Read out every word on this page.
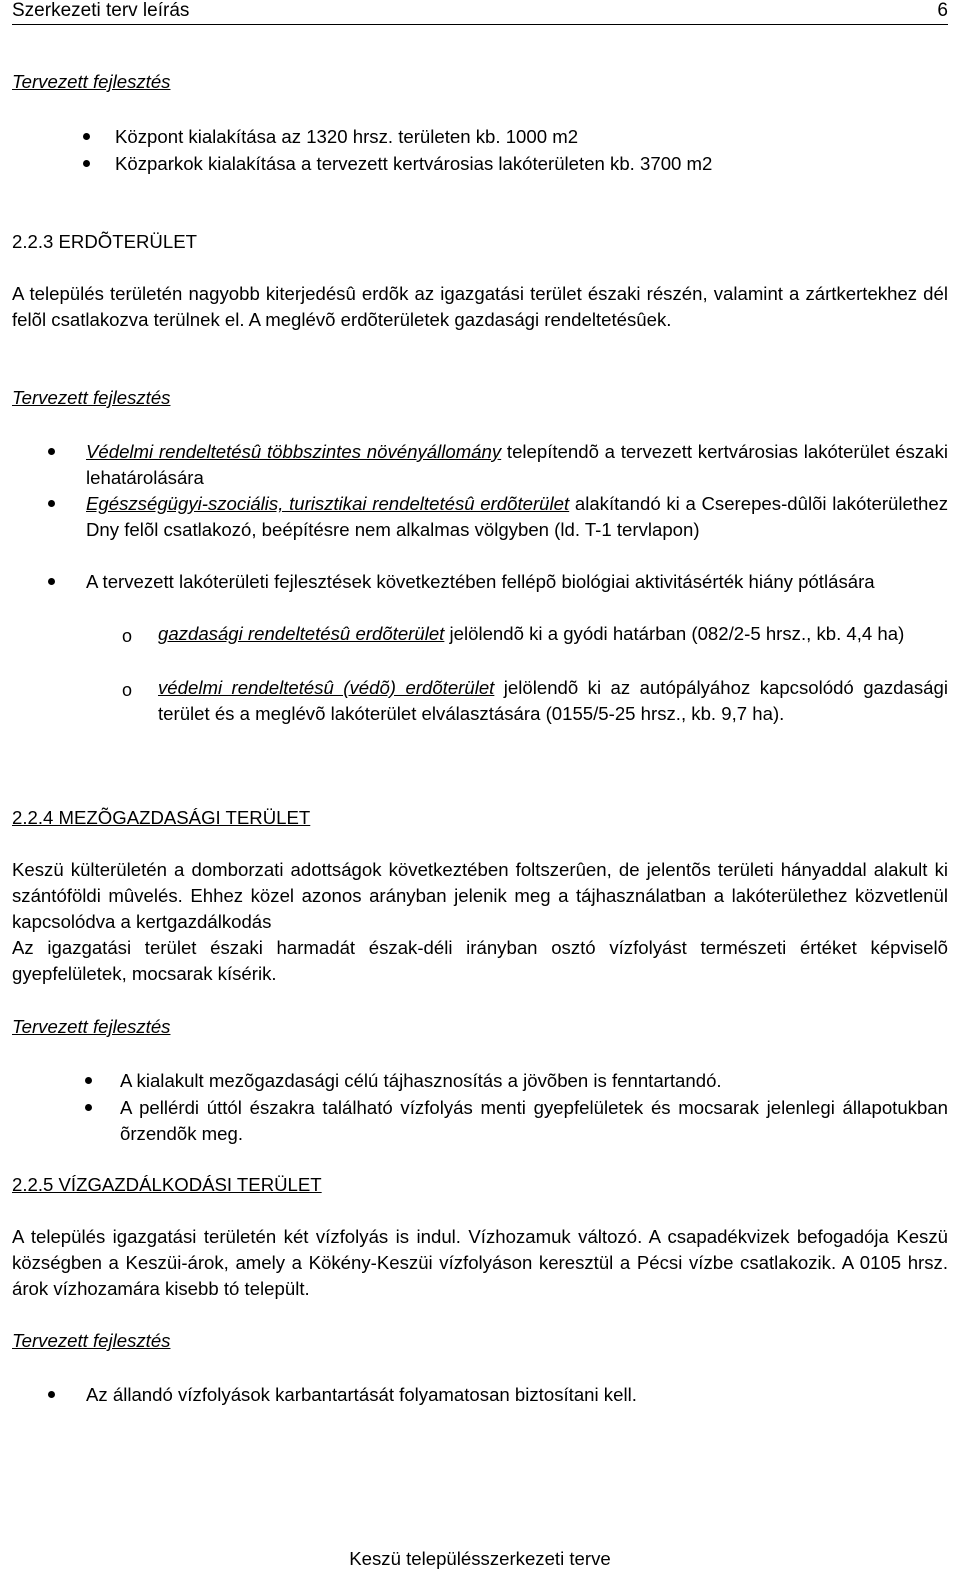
Szerkezeti terv leírás	6
Tervezett fejlesztés
Központ kialakítása az 1320 hrsz. területen kb. 1000 m2
Közparkok kialakítása a tervezett kertvárosias lakóterületen kb. 3700 m2
2.2.3 ERDÕTERÜLET
A település területén nagyobb kiterjedésû erdõk az igazgatási terület északi részén, valamint a zártkertekhez dél felõl csatlakozva terülnek el. A meglévõ erdõterületek gazdasági rendeltetésûek.
Tervezett fejlesztés
Védelmi rendeltetésû többszintes növényállomány telepítendõ a tervezett kertvárosias lakóterület északi lehatárolására
Egészségügyi-szociális, turisztikai rendeltetésû erdõterület alakítandó ki a Cserepes-dûlõi lakóterülethez Dny felõl csatlakozó, beépítésre nem alkalmas völgyben (ld. T-1 tervlapon)
A tervezett lakóterületi fejlesztések következtében fellépõ biológiai aktivitásérték hiány pótlására
o gazdasági rendeltetésû erdõterület jelölendõ ki a gyódi határban (082/2-5 hrsz., kb. 4,4 ha)
o védelmi rendeltetésû (védõ) erdõterület jelölendõ ki az autópályához kapcsolódó gazdasági terület és a meglévõ lakóterület elválasztására (0155/5-25 hrsz., kb. 9,7 ha).
2.2.4 MEZÕGAZDASÁGI TERÜLET
Keszü külterületén a domborzati adottságok következtében foltszerûen, de jelentõs területi hányaddal alakult ki szántóföldi mûvelés. Ehhez közel azonos arányban jelenik meg a tájhasználatban a lakóterülethez közvetlenül kapcsolódva a kertgazdálkodás
Az igazgatási terület északi harmadát észak-déli irányban osztó vízfolyást természeti értéket képviselõ gyepfelületek, mocsarak kísérik.
Tervezett fejlesztés
A kialakult mezõgazdasági célú tájhasznosítás a jövõben is fenntartandó.
A pellérdi úttól északra található vízfolyás menti gyepfelületek és mocsarak jelenlegi állapotukban õrzendõk meg.
2.2.5 VÍZGAZDÁLKODÁSI TERÜLET
A település igazgatási területén két vízfolyás is indul. Vízhozamuk változó. A csapadékvizek befogadója Keszü községben a Keszüi-árok, amely a Kökény-Keszüi vízfolyáson keresztül a Pécsi vízbe csatlakozik. A 0105 hrsz. árok vízhozamára kisebb tó települt.
Tervezett fejlesztés
Az állandó vízfolyások karbantartását folyamatosan biztosítani kell.
Keszü településszerkezeti terve
